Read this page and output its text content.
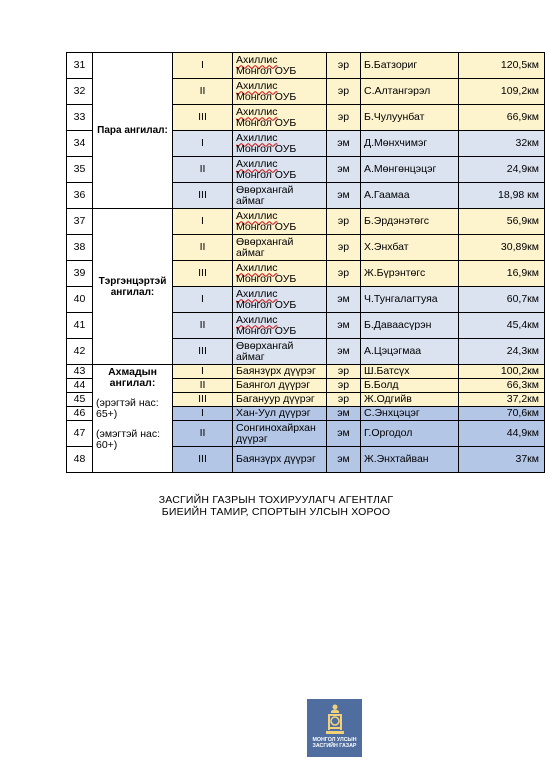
31	Пара ангилал:	I	Ахиллис
Монгол ОУБ	эр	Б.Батзориг	120,5км
32		II	Ахиллис
Монгол ОУБ	эр	С.Алтангэрэл	109,2км
33		III	Ахиллис
Монгол ОУБ	эр	Б.Чулуунбат	66,9км
34		I	Ахиллис
Монгол ОУБ	эм	Д.Мөнхчимэг	32км
35		II	Ахиллис
Монгол ОУБ	эм	А.Мөнгөнцэцэг	24,9км
36		III	Өвөрхангай
аймаг	эм	А.Гаамаа	18,98 км
37	Тэргэнцэртэй ангилал:	I	Ахиллис
Монгол ОУБ	эр	Б.Эрдэнэтөгс	56,9км
38		II	Өвөрхангай
аймаг	эр	Х.Энхбат	30,89км
39		III	Ахиллис
Монгол ОУБ	эр	Ж.Бүрэнтөгс	16,9км
40		I	Ахиллис
Монгол ОУБ	эм	Ч.Тунгалагтуяа	60,7км
41		II	Ахиллис
Монгол ОУБ	эм	Б.Даваасүрэн	45,4км
42		III	Өвөрхангай
аймаг	эм	А.Цэцэгмаа	24,3км
43	Ахмадын ангилал:
(эрэгтэй нас: 65+)
(эмэгтэй нас: 60+)	I	Баянзүрх дүүрэг	эр	Ш.Батсүх	100,2км
44		II	Баянгол дүүрэг	эр	Б.Болд	66,3км
45		III	Багануур дүүрэг	эр	Ж.Одгийв	37,2км
46		I	Хан-Уул дүүрэг	эм	С.Энхцэцэг	70,6км
47		II	Сонгинохайрхан
дүүрэг	эм	Г.Оргодол	44,9км
48		III	Баянзүрх дүүрэг	эм	Ж.Энхтайван	37км
ЗАСГИЙН ГАЗРЫН ТОХИРУУЛАГЧ АГЕНТЛАГ
БИЕИЙН ТАМИР, СПОРТЫН УЛСЫН ХОРОО
МОНГОЛ УЛСЫН
ЗАСГИЙН ГАЗАР
